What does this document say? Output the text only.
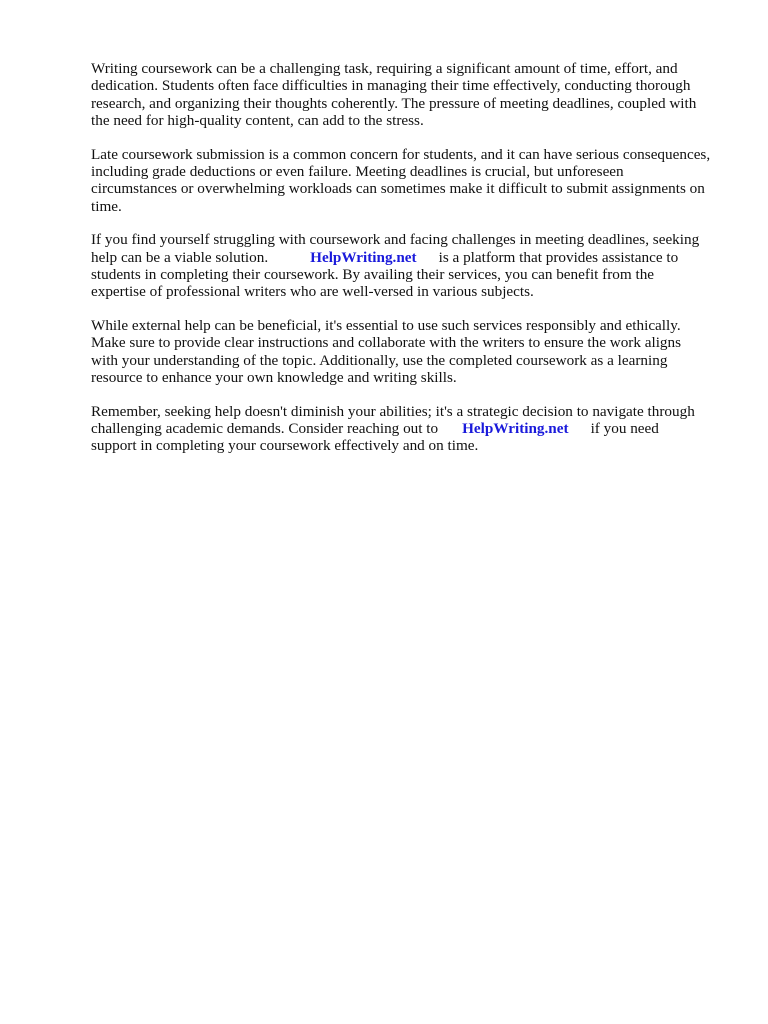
Writing coursework can be a challenging task, requiring a significant amount of time, effort, and
dedication. Students often face difficulties in managing their time effectively, conducting thorough
research, and organizing their thoughts coherently. The pressure of meeting deadlines, coupled with
the need for high-quality content, can add to the stress.
Late coursework submission is a common concern for students, and it can have serious consequences,
including grade deductions or even failure. Meeting deadlines is crucial, but unforeseen
circumstances or overwhelming workloads can sometimes make it difficult to submit assignments on
time.
If you find yourself struggling with coursework and facing challenges in meeting deadlines, seeking
help can be a viable solution.	HelpWriting.net is a platform that provides assistance to
students in completing their coursework. By availing their services, you can benefit from the
expertise of professional writers who are well-versed in various subjects.
While external help can be beneficial, it's essential to use such services responsibly and ethically.
Make sure to provide clear instructions and collaborate with the writers to ensure the work aligns
with your understanding of the topic. Additionally, use the completed coursework as a learning
resource to enhance your own knowledge and writing skills.
Remember, seeking help doesn't diminish your abilities; it's a strategic decision to navigate through
challenging academic demands. Consider reaching out to HelpWriting.net if you need
support in completing your coursework effectively and on time.
